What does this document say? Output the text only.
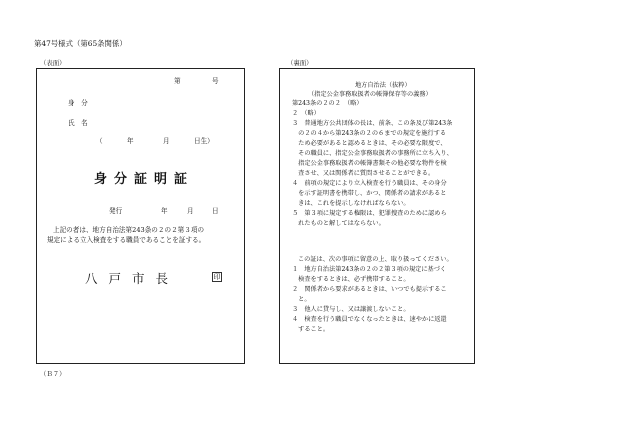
第47号様式（第65条関係）
（表面）
第	号
身　分
氏　名
（	年	月	日生）
身分証明証
発行	年	月	日
上記の者は、地方自治法第243条の２の２第３項の
規定による立入検査をする職員であることを証する。
八戸市長	印
（Ｂ７）
（裏面）
地方自治法（抜粋）
（指定公金事務取扱者の帳簿保存等の義務）
第243条の２の２　（略）
２　（略）
３　普通地方公共団体の長は、前条、この条及び第243条
　の２の４から第243条の２の６までの規定を施行する
　ため必要があると認めるときは、その必要な限度で、
　その職員に、指定公金事務取扱者の事務所に立ち入り、
　指定公金事務取扱者の帳簿書類その他必要な物件を検
　査させ、又は関係者に質問させることができる。
４　前項の規定により立入検査を行う職員は、その身分
　を示す証明書を携帯し、かつ、関係者の請求があると
　きは、これを提示しなければならない。
５　第３項に規定する権限は、犯罪捜査のために認めら
　れたものと解してはならない。
この証は、次の事項に留意の上、取り扱ってください。
１　地方自治法第243条の２の２第３項の規定に基づく
　検査をするときは、必ず携帯すること。
２　関係者から要求があるときは、いつでも提示するこ
　と。
３　他人に貸与し、又は譲渡しないこと。
４　検査を行う職員でなくなったときは、速やかに返還
　すること。
